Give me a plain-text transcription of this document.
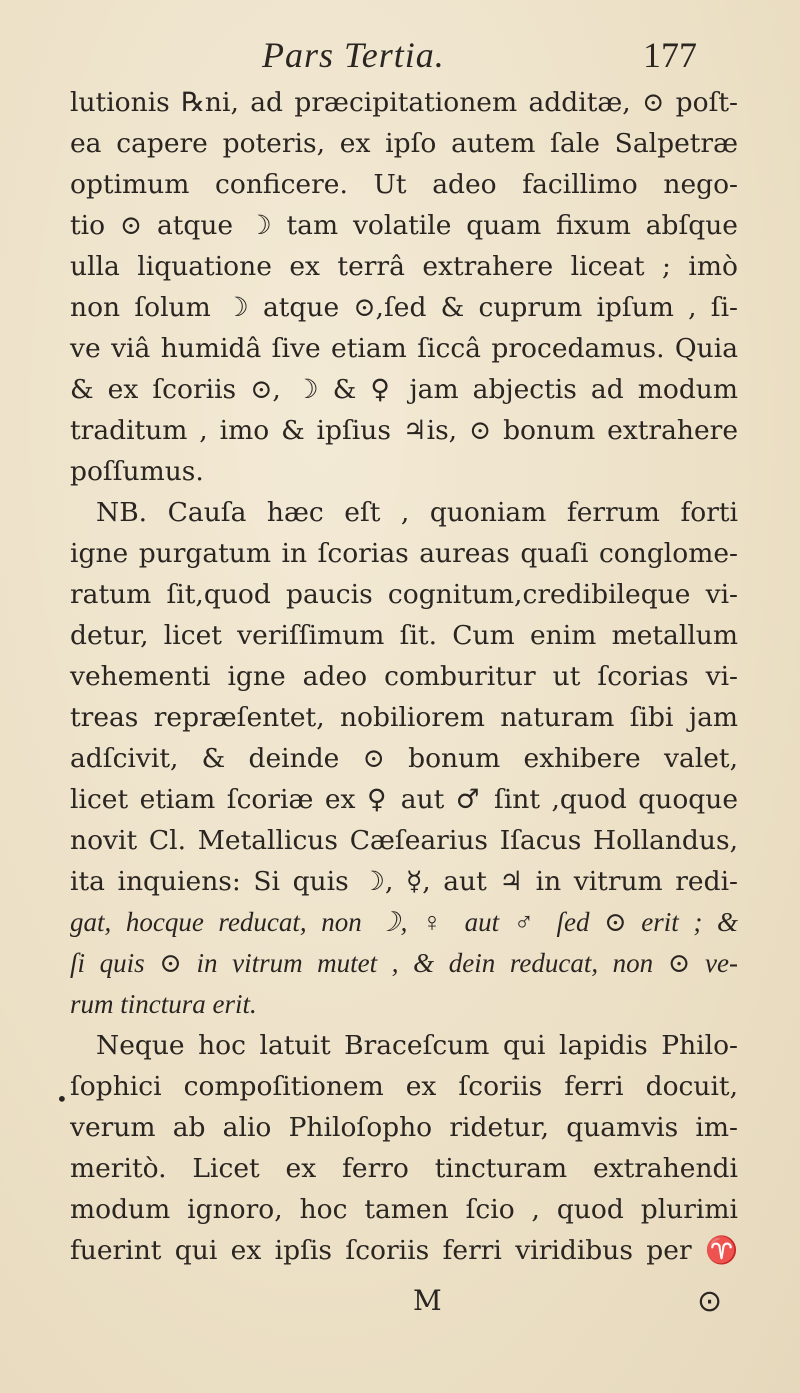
Pars Tertia.	177
lutionis ℞ni, ad præcipitationem additæ, ⊙ poſt-
ea capere poteris, ex ipſo autem ſale Salpetræ
optimum conficere. Ut adeo facillimo nego-
tio ⊙ atque ☽ tam volatile quam fixum abſque
ulla liquatione ex terrâ extrahere liceat ; imò
non ſolum ☽ atque ⊙,ſed & cuprum ipſum , ſi-
ve viâ humidâ ſive etiam ſiccâ procedamus. Quia
& ex ſcoriis ⊙, ☽ & ♀ jam abjectis ad modum
traditum , imo & ipſius ♃is, ⊙ bonum extrahere
poſſumus.
NB. Cauſa hæc eſt , quoniam ferrum forti
igne purgatum in ſcorias aureas quaſi conglome-
ratum ſit,quod paucis cognitum,credibileque vi-
detur, licet veriſſimum ſit. Cum enim metallum
vehementi igne adeo comburitur ut ſcorias vi-
treas repræſentet, nobiliorem naturam ſibi jam
adſcivit, & deinde ⊙ bonum exhibere valet,
licet etiam ſcoriæ ex ♀ aut ♂ ſint ,quod quoque
novit Cl. Metallicus Cæſearius Iſacus Hollandus,
ita inquiens: Si quis ☽, ☿, aut ♃ in vitrum redi-
gat, hocque reducat, non ☽, ♀ aut ♂ ſed ⊙ erit ; &
ſi quis ⊙ in vitrum mutet , & dein reducat, non ⊙ ve-
rum tinctura erit.
Neque hoc latuit Braceſcum qui lapidis Philo-
ſophici compoſitionem ex ſcoriis ferri docuit,
verum ab alio Philoſopho ridetur, quamvis im-
meritò. Licet ex ferro tincturam extrahendi
modum ignoro, hoc tamen ſcio , quod plurimi
fuerint qui ex ipſis ſcoriis ferri viridibus per ♈
•
M	⊙
